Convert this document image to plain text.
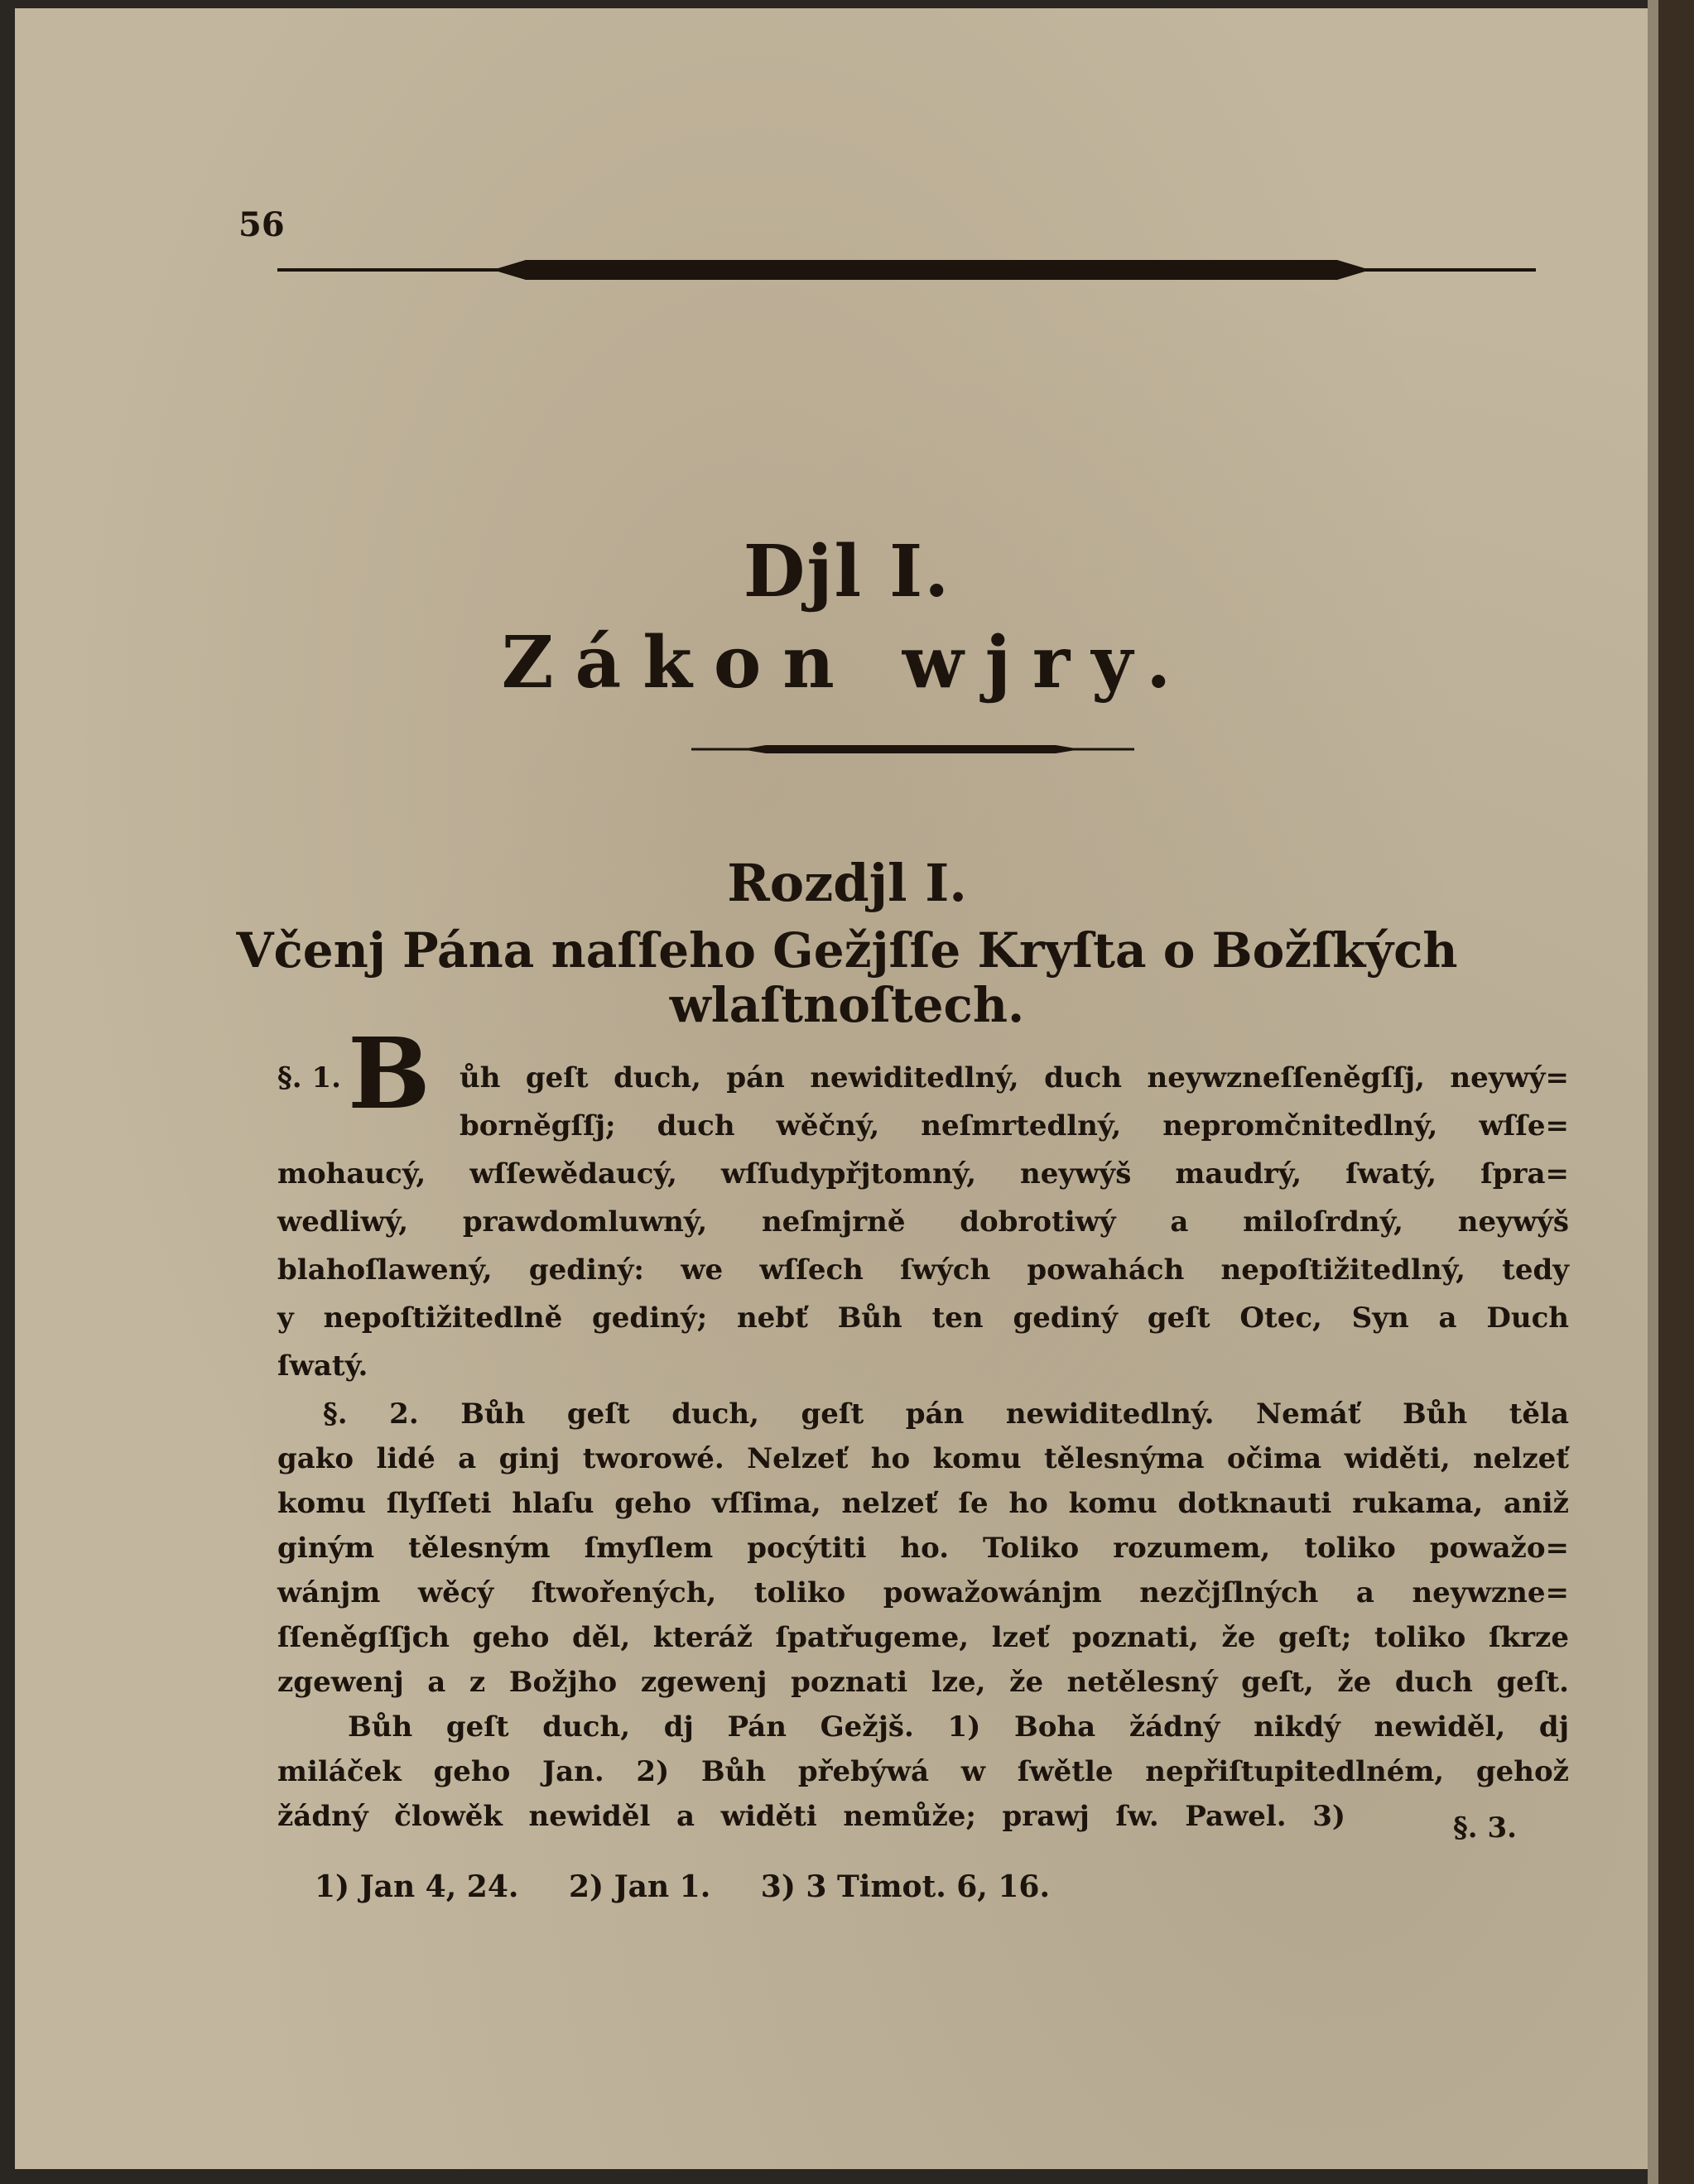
56
Djl I.
Zákon wjry.
Rozdjl I.
Včenj Pána naſſeho Gežjſſe Kryſta o Božſkých
wlaſtnoſtech.
§. 1. B ůh geſt duch, pán newiditedlný, duch neywzneſſeněgſſj, neywý=
borněgſſj; duch wěčný, neſmrtedlný, nepromčnitedlný, wſſe=
mohaucý, wſſewědaucý, wſſudypřjtomný, neywýš maudrý, ſwatý, ſpra=
wedliwý, prawdomluwný, neſmjrně dobrotiwý a miloſrdný, neywýš
blahoſlawený, gediný: we wſſech ſwých powahách nepoſtižitedlný, tedy
y nepoſtižitedlně gediný; nebť Bůh ten gediný geſt Otec, Syn a Duch
ſwatý.
§. 2. Bůh geſt duch, geſt pán newiditedlný. Nemáť Bůh těla
gako lidé a ginj tworowé. Nelzeť ho komu tělesnýma očima widěti, nelzeť
komu ſlyſſeti hlaſu geho vſſima, nelzeť ſe ho komu dotknauti rukama, aniž
giným tělesným ſmyſlem pocýtiti ho. Toliko rozumem, toliko powažo=
wánjm wěcý ſtwořených, toliko powažowánjm nezčjſlných a neywzne=
ſſeněgſſjch geho děl, kteráž ſpatřugeme, lzeť poznati, že geſt; toliko ſkrze
zgewenj a z Božjho zgewenj poznati lze, že netělesný geſt, že duch geſt.
Bůh geſt duch, dj Pán Gežjš. 1) Boha žádný nikdý newiděl, dj
miláček geho Jan. 2) Bůh přebýwá w ſwětle nepřiſtupitedlném, gehož
žádný člowěk newiděl a widěti nemůže; prawj ſw. Pawel. 3)	§. 3.
1) Jan 4, 24. 2) Jan 1. 3) 3 Timot. 6, 16.
